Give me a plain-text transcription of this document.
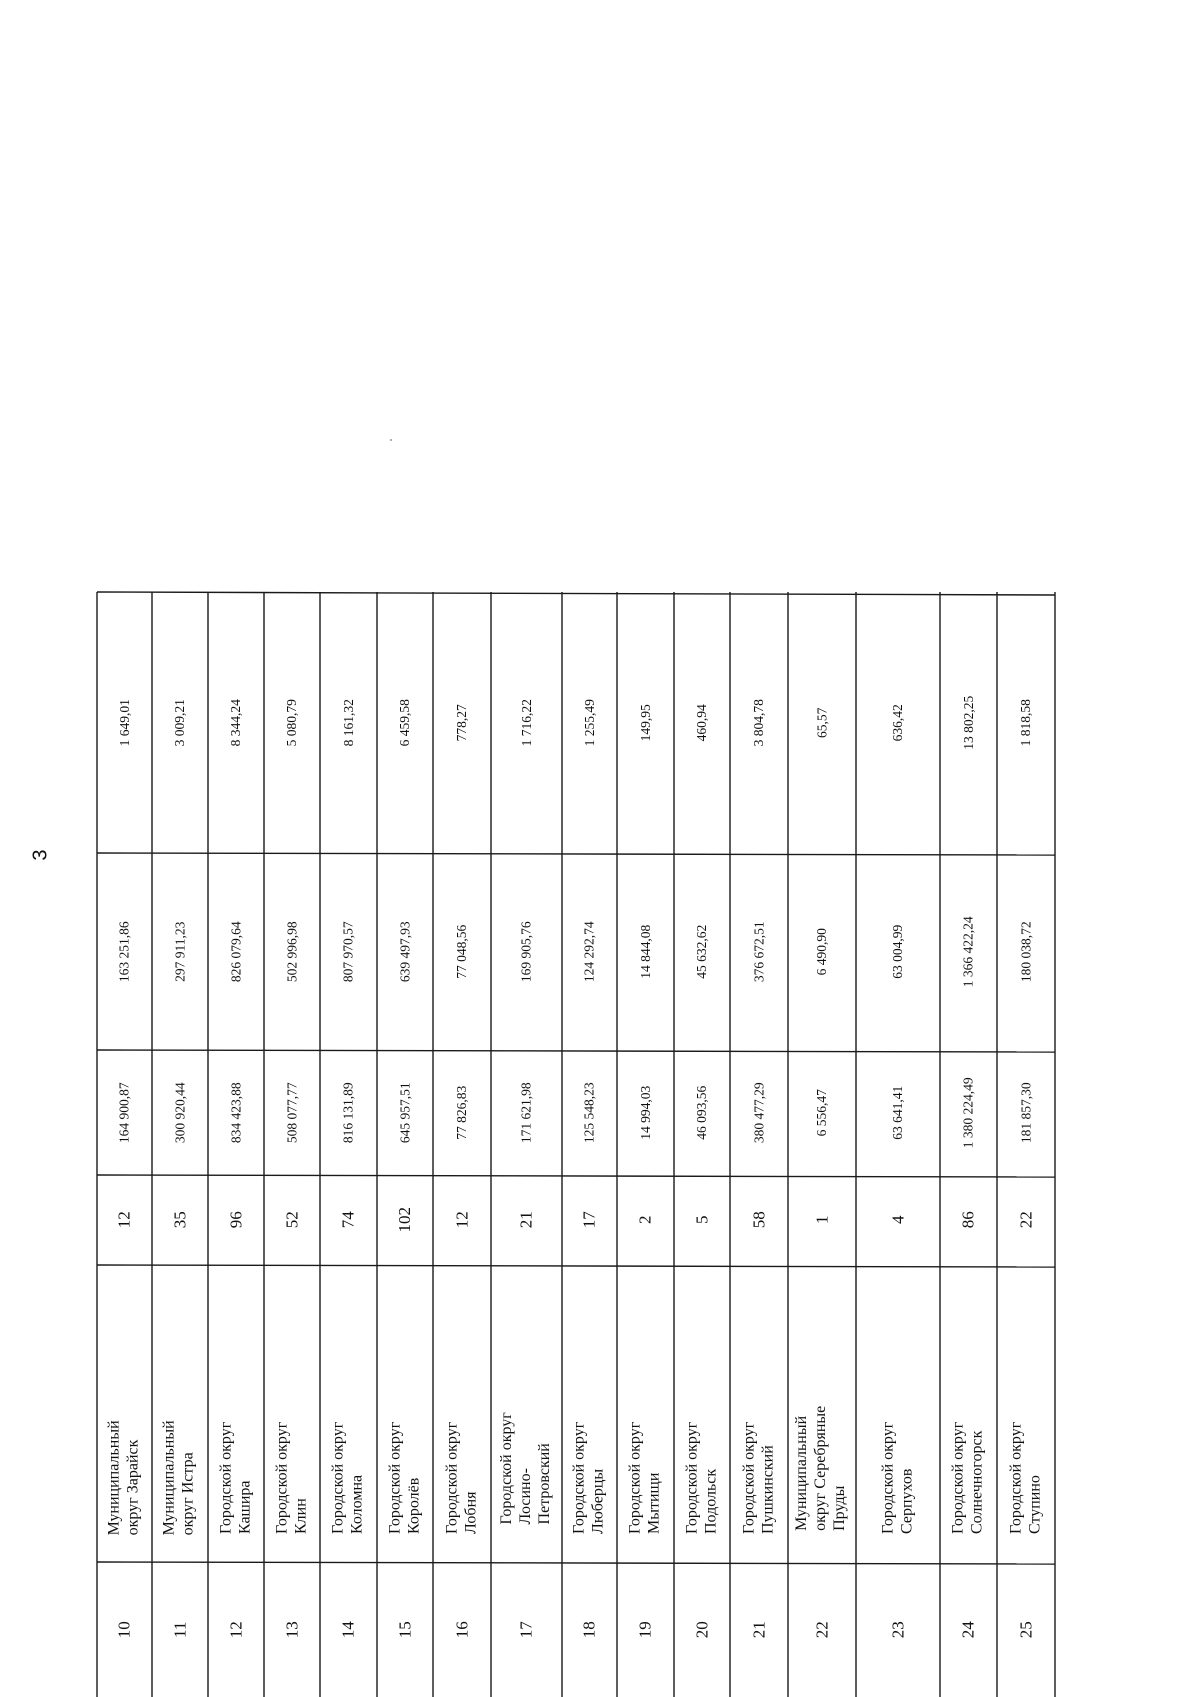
3
10
Муниципальный округ Зарайск
12
164 900,87
163 251,86
1 649,01
11
Муниципальный округ Истра
35
300 920,44
297 911,23
3 009,21
12
Городской округ Кашира
96
834 423,88
826 079,64
8 344,24
13
Городской округ Клин
52
508 077,77
502 996,98
5 080,79
14
Городской округ Коломна
74
816 131,89
807 970,57
8 161,32
15
Городской округ Королёв
102
645 957,51
639 497,93
6 459,58
16
Городской округ Лобня
12
77 826,83
77 048,56
778,27
17
Городской округ Лосино- Петровский
21
171 621,98
169 905,76
1 716,22
18
Городской округ Люберцы
17
125 548,23
124 292,74
1 255,49
19
Городской округ Мытищи
2
14 994,03
14 844,08
149,95
20
Городской округ Подольск
5
46 093,56
45 632,62
460,94
21
Городской округ Пушкинский
58
380 477,29
376 672,51
3 804,78
22
Муниципальный округ Серебряные Пруды
1
6 556,47
6 490,90
65,57
23
Городской округ Серпухов
4
63 641,41
63 004,99
636,42
24
Городской округ Солнечногорск
86
1 380 224,49
1 366 422,24
13 802,25
25
Городской округ Ступино
22
181 857,30
180 038,72
1 818,58
